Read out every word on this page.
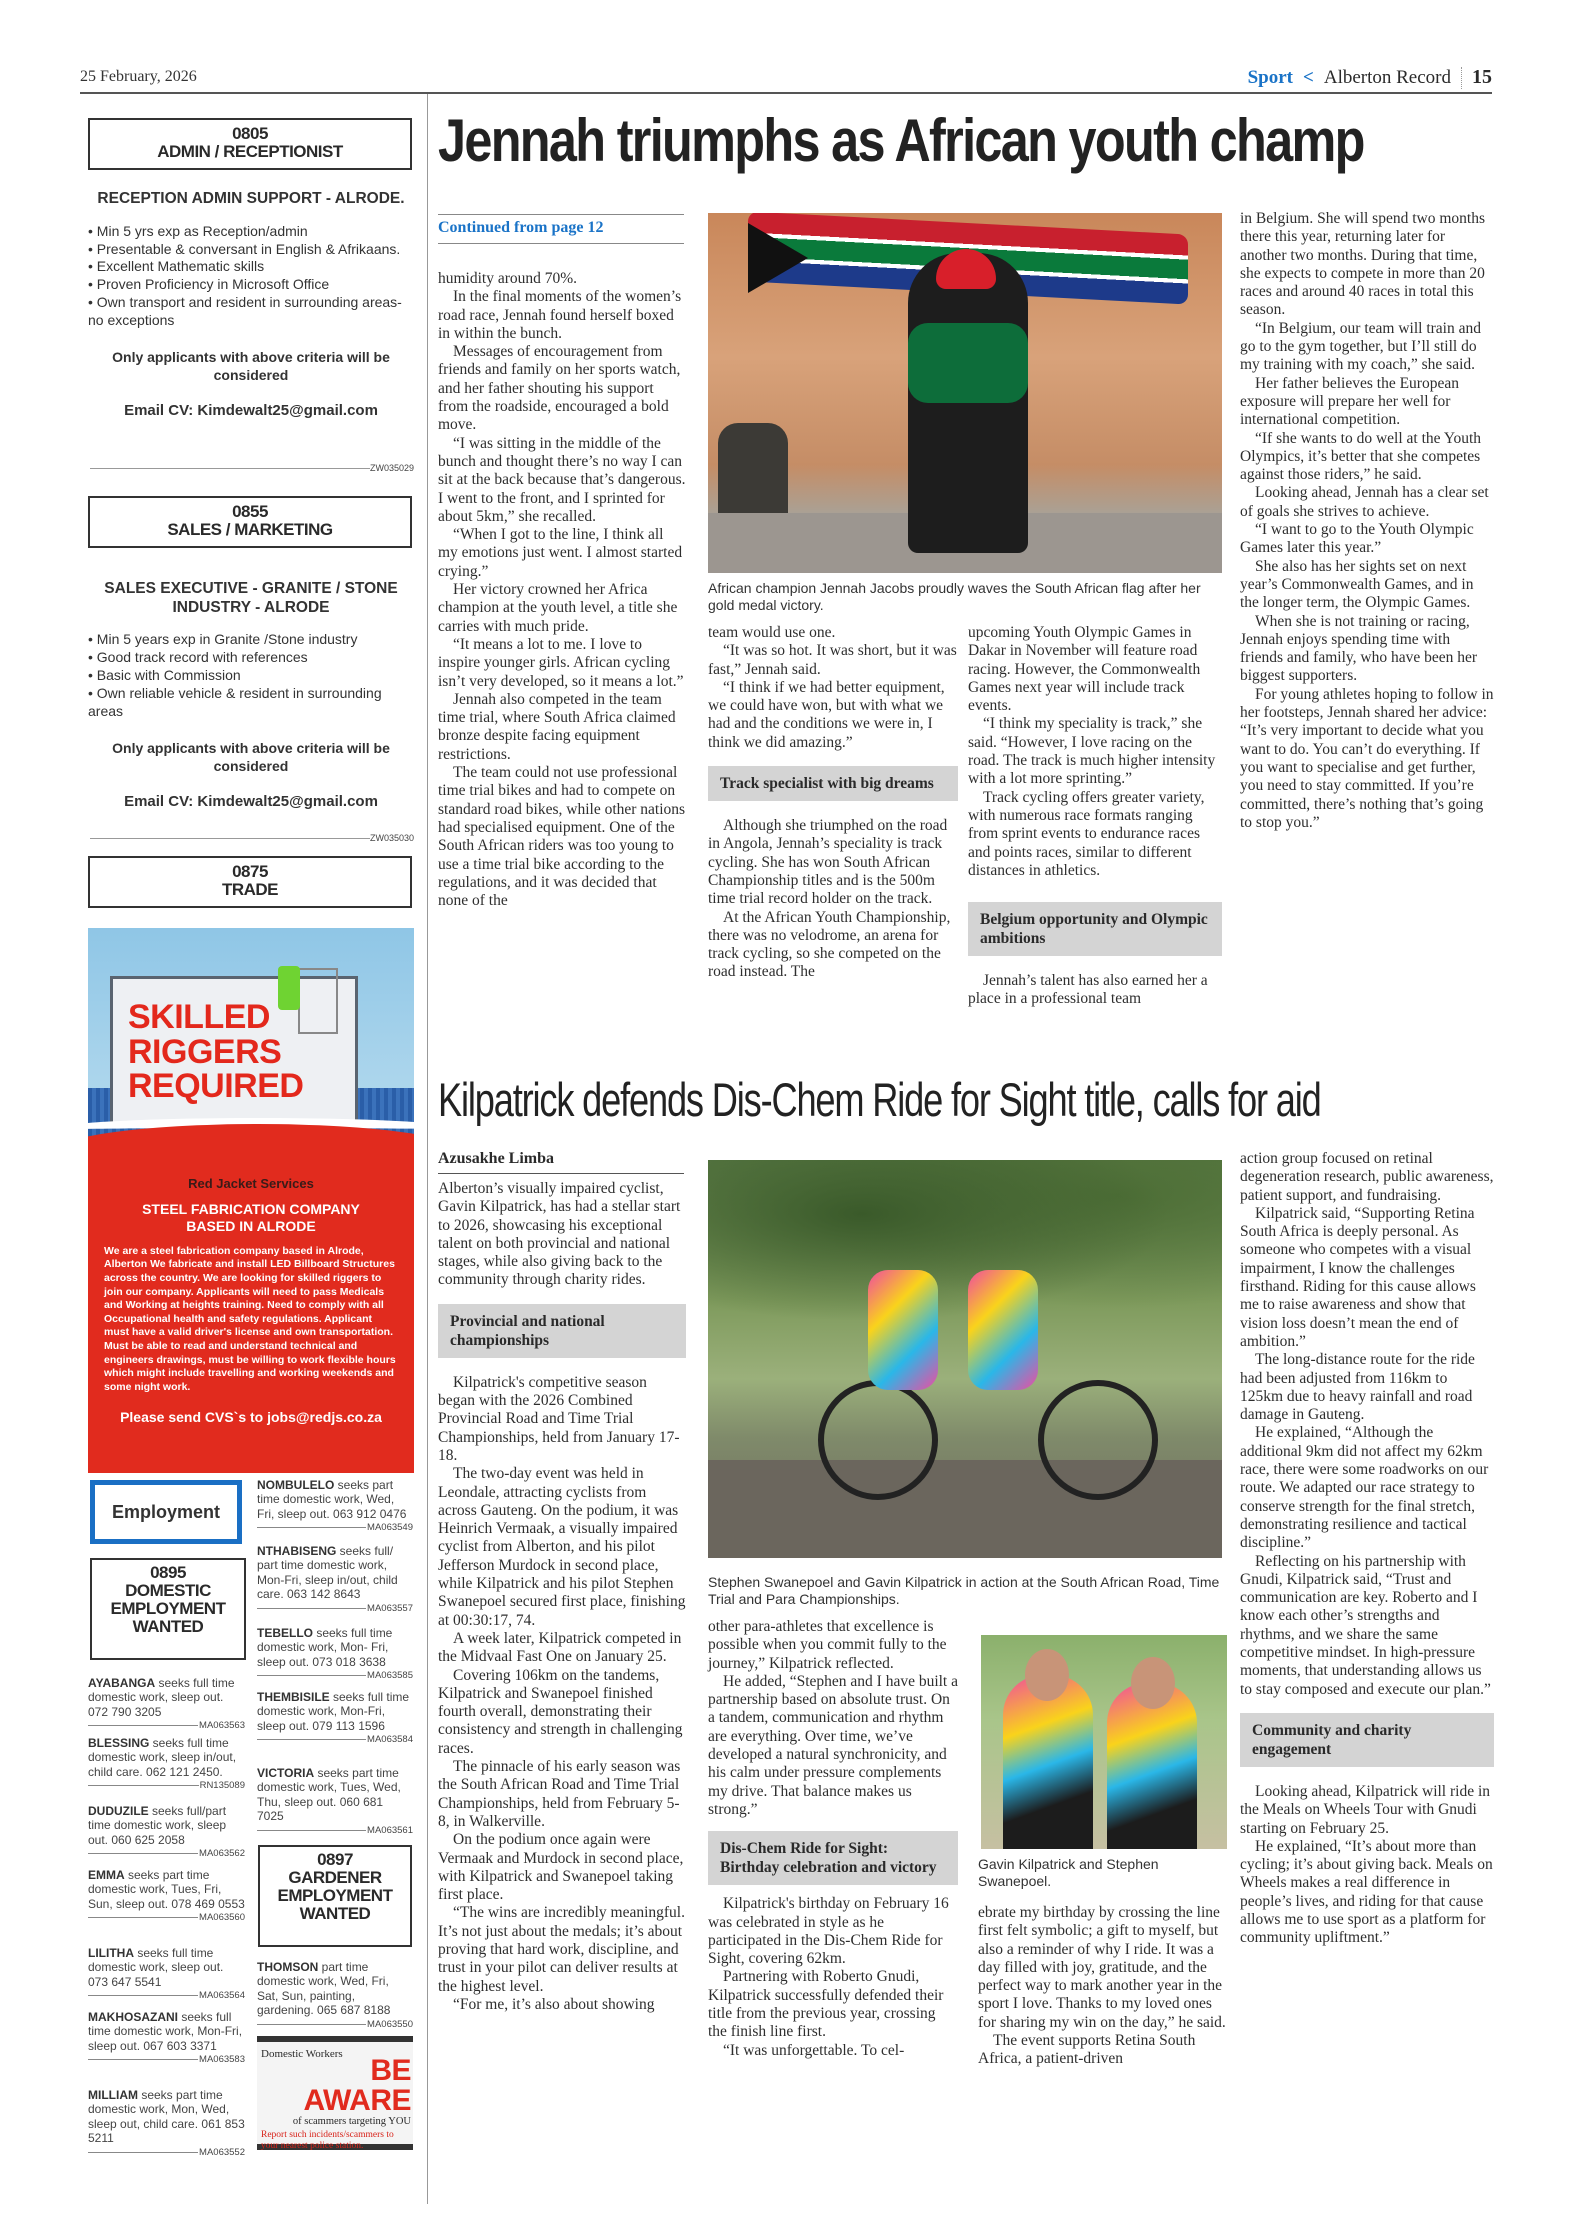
25 February, 2026	Sport < Alberton Record 15
0805
ADMIN / RECEPTIONIST
RECEPTION ADMIN SUPPORT - ALRODE.
• Min 5 yrs exp as Reception/admin
• Presentable & conversant in English & Afrikaans.
• Excellent Mathematic skills
• Proven Proficiency in Microsoft Office
• Own transport and resident in surrounding areas- no exceptions
Only applicants with above criteria will be considered
Email CV: Kimdewalt25@gmail.com
ZW035029
0855
SALES / MARKETING
SALES EXECUTIVE - GRANITE / STONE INDUSTRY - ALRODE
• Min 5 years exp in Granite /Stone industry
• Good track record with references
• Basic with Commission
• Own reliable vehicle & resident in surrounding areas
Only applicants with above criteria will be considered
Email CV: Kimdewalt25@gmail.com
ZW035030
0875
TRADE
SKILLED
RIGGERS
REQUIRED
Red Jacket Services
STEEL FABRICATION COMPANY
BASED IN ALRODE
We are a steel fabrication company based in Alrode, Alberton We fabricate and install LED Billboard Structures across the country. We are looking for skilled riggers to join our company. Applicants will need to pass Medicals and Working at heights training. Need to comply with all Occupational health and safety regulations. Applicant must have a valid driver's license and own transportation. Must be able to read and understand technical and engineers drawings, must be willing to work flexible hours which might include travelling and working weekends and some night work.
Please send CVS`s to jobs@redjs.co.za
Employment
0895
DOMESTIC
EMPLOYMENT
WANTED
AYABANGA seeks full time domestic work, sleep out. 072 790 3205
MA063563
BLESSING seeks full time domestic work, sleep in/out, child care. 062 121 2450.
RN135089
DUDUZILE seeks full/part time domestic work, sleep out. 060 625 2058
MA063562
EMMA seeks part time domestic work, Tues, Fri, Sun, sleep out. 078 469 0553
MA063560
LILITHA seeks full time domestic work, sleep out. 073 647 5541
MA063564
MAKHOSAZANI seeks full time domestic work, Mon-Fri, sleep out. 067 603 3371
MA063583
MILLIAM seeks part time domestic work, Mon, Wed, sleep out, child care. 061 853 5211
MA063552
NOMBULELO seeks part time domestic work, Wed, Fri, sleep out. 063 912 0476
MA063549
NTHABISENG seeks full/ part time domestic work, Mon-Fri, sleep in/out, child care. 063 142 8643
MA063557
TEBELLO seeks full time domestic work, Mon- Fri, sleep out. 073 018 3638
MA063585
THEMBISILE seeks full time domestic work, Mon-Fri, sleep out. 079 113 1596
MA063584
VICTORIA seeks part time domestic work, Tues, Wed, Thu, sleep out. 060 681 7025
MA063561
0897
GARDENER
EMPLOYMENT
WANTED
THOMSON part time domestic work, Wed, Fri, Sat, Sun, painting, gardening. 065 687 8188
MA063550
Domestic Workers BE AWARE
of scammers targeting YOU
Report such incidents/scammers to your nearest police station.
Jennah triumphs as African youth champ
Continued from page 12

humidity around 70%.

In the final moments of the women’s road race, Jennah found herself boxed in within the bunch.

Messages of encouragement from friends and family on her sports watch, and her father shouting his support from the roadside, encouraged a bold move.

“I was sitting in the middle of the bunch and thought there’s no way I can sit at the back because that’s dangerous. I went to the front, and I sprinted for about 5km,” she recalled.

“When I got to the line, I think all my emotions just went. I almost started crying.”

Her victory crowned her Africa champion at the youth level, a title she carries with much pride.

“It means a lot to me. I love to inspire younger girls. African cycling isn’t very developed, so it means a lot.”

Jennah also competed in the team time trial, where South Africa claimed bronze despite facing equipment restrictions.

The team could not use professional time trial bikes and had to compete on standard road bikes, while other nations had specialised equipment. One of the South African riders was too young to use a time trial bike according to the regulations, and it was decided that none of the

African champion Jennah Jacobs proudly waves the South African flag after her gold medal victory.

team would use one.

“It was so hot. It was short, but it was fast,” Jennah said.

“I think if we had better equipment, we could have won, but with what we had and the conditions we were in, I think we did amazing.”

Track specialist with big dreams

Although she triumphed on the road in Angola, Jennah’s speciality is track cycling. She has won South African Championship titles and is the 500m time trial record holder on the track.

At the African Youth Championship, there was no velodrome, an arena for track cycling, so she competed on the road instead. The

upcoming Youth Olympic Games in Dakar in November will feature road racing. However, the Commonwealth Games next year will include track events.

“I think my speciality is track,” she said. “However, I love racing on the road. The track is much higher intensity with a lot more sprinting.”

Track cycling offers greater variety, with numerous race formats ranging from sprint events to endurance races and points races, similar to different distances in athletics.

Belgium opportunity and Olympic ambitions

Jennah’s talent has also earned her a place in a professional team

in Belgium. She will spend two months there this year, returning later for another two months. During that time, she expects to compete in more than 20 races and around 40 races in total this season.

“In Belgium, our team will train and go to the gym together, but I’ll still do my training with my coach,” she said.

Her father believes the European exposure will prepare her well for international competition.

“If she wants to do well at the Youth Olympics, it’s better that she competes against those riders,” he said.

Looking ahead, Jennah has a clear set of goals she strives to achieve.

“I want to go to the Youth Olympic Games later this year.”

She also has her sights set on next year’s Commonwealth Games, and in the longer term, the Olympic Games.

When she is not training or racing, Jennah enjoys spending time with friends and family, who have been her biggest supporters.

For young athletes hoping to follow in her footsteps, Jennah shared her advice: “It’s very important to decide what you want to do. You can’t do everything. If you want to specialise and get further, you need to stay committed. If you’re committed, there’s nothing that’s going to stop you.”

Kilpatrick defends Dis-Chem Ride for Sight title, calls for aid
Azusakhe Limba

Alberton’s visually impaired cyclist, Gavin Kilpatrick, has had a stellar start to 2026, showcasing his exceptional talent on both provincial and national stages, while also giving back to the community through charity rides.

Provincial and national championships

Kilpatrick's competitive season began with the 2026 Combined Provincial Road and Time Trial Championships, held from January 17-18.

The two-day event was held in Leondale, attracting cyclists from across Gauteng. On the podium, it was Heinrich Vermaak, a visually impaired cyclist from Alberton, and his pilot Jefferson Murdock in second place, while Kilpatrick and his pilot Stephen Swanepoel secured first place, finishing at 00:30:17, 74.

A week later, Kilpatrick competed in the Midvaal Fast One on January 25.

Covering 106km on the tandems, Kilpatrick and Swanepoel finished fourth overall, demonstrating their consistency and strength in challenging races.

The pinnacle of his early season was the South African Road and Time Trial Championships, held from February 5-8, in Walkerville.

On the podium once again were Vermaak and Murdock in second place, with Kilpatrick and Swanepoel taking first place.

“The wins are incredibly meaningful. It’s not just about the medals; it’s about proving that hard work, discipline, and trust in your pilot can deliver results at the highest level.

“For me, it’s also about showing

Stephen Swanepoel and Gavin Kilpatrick in action at the South African Road, Time Trial and Para Championships.

other para-athletes that excellence is possible when you commit fully to the journey,” Kilpatrick reflected.

He added, “Stephen and I have built a partnership based on absolute trust. On a tandem, communication and rhythm are everything. Over time, we’ve developed a natural synchronicity, and his calm under pressure complements my drive. That balance makes us strong.”

Dis-Chem Ride for Sight: Birthday celebration and victory

Kilpatrick's birthday on February 16 was celebrated in style as he participated in the Dis-Chem Ride for Sight, covering 62km.

Partnering with Roberto Gnudi, Kilpatrick successfully defended their title from the previous year, crossing the finish line first.

“It was unforgettable. To cel-

Gavin Kilpatrick and Stephen Swanepoel.

ebrate my birthday by crossing the line first felt symbolic; a gift to myself, but also a reminder of why I ride. It was a day filled with joy, gratitude, and the perfect way to mark another year in the sport I love. Thanks to my loved ones for sharing my win on the day,” he said.

The event supports Retina South Africa, a patient-driven

action group focused on retinal degeneration research, public awareness, patient support, and fundraising.

Kilpatrick said, “Supporting Retina South Africa is deeply personal. As someone who competes with a visual impairment, I know the challenges firsthand. Riding for this cause allows me to raise awareness and show that vision loss doesn’t mean the end of ambition.”

The long-distance route for the ride had been adjusted from 116km to 125km due to heavy rainfall and road damage in Gauteng.

He explained, “Although the additional 9km did not affect my 62km race, there were some roadworks on our route. We adapted our race strategy to conserve strength for the final stretch, demonstrating resilience and tactical discipline.”

Reflecting on his partnership with Gnudi, Kilpatrick said, “Trust and communication are key. Roberto and I know each other’s strengths and rhythms, and we share the same competitive mindset. In high-pressure moments, that understanding allows us to stay composed and execute our plan.”

Community and charity engagement

Looking ahead, Kilpatrick will ride in the Meals on Wheels Tour with Gnudi starting on February 25.

He explained, “It’s about more than cycling; it’s about giving back. Meals on Wheels makes a real difference in people’s lives, and riding for that cause allows me to use sport as a platform for community upliftment.”
